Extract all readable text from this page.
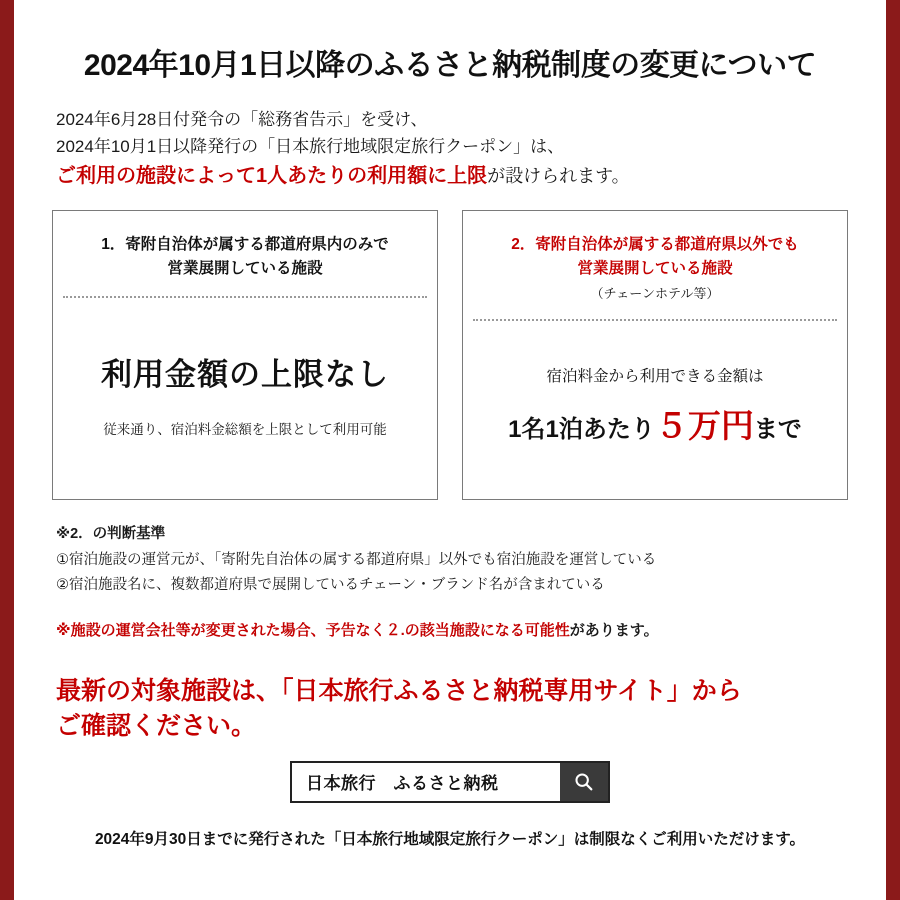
2024年10月1日以降のふるさと納税制度の変更について
2024年6月28日付発令の「総務省告示」を受け、
2024年10月1日以降発行の「日本旅行地域限定旅行クーポン」は、
ご利用の施設によって1人あたりの利用額に上限が設けられます。
1．寄附自治体が属する都道府県内のみで
営業展開している施設
利用金額の上限なし
従来通り、宿泊料金総額を上限として利用可能
2．寄附自治体が属する都道府県以外でも
営業展開している施設
（チェーンホテル等）
宿泊料金から利用できる金額は
1名1泊あたり５万円まで
※2．の判断基準
①宿泊施設の運営元が、「寄附先自治体の属する都道府県」以外でも宿泊施設を運営している
②宿泊施設名に、複数都道府県で展開しているチェーン・ブランド名が含まれている
※施設の運営会社等が変更された場合、予告なく２.の該当施設になる可能性があります。
最新の対象施設は、「日本旅行ふるさと納税専用サイト」から
ご確認ください。
日本旅行　ふるさと納税
2024年9月30日までに発行された「日本旅行地域限定旅行クーポン」は制限なくご利用いただけます。
